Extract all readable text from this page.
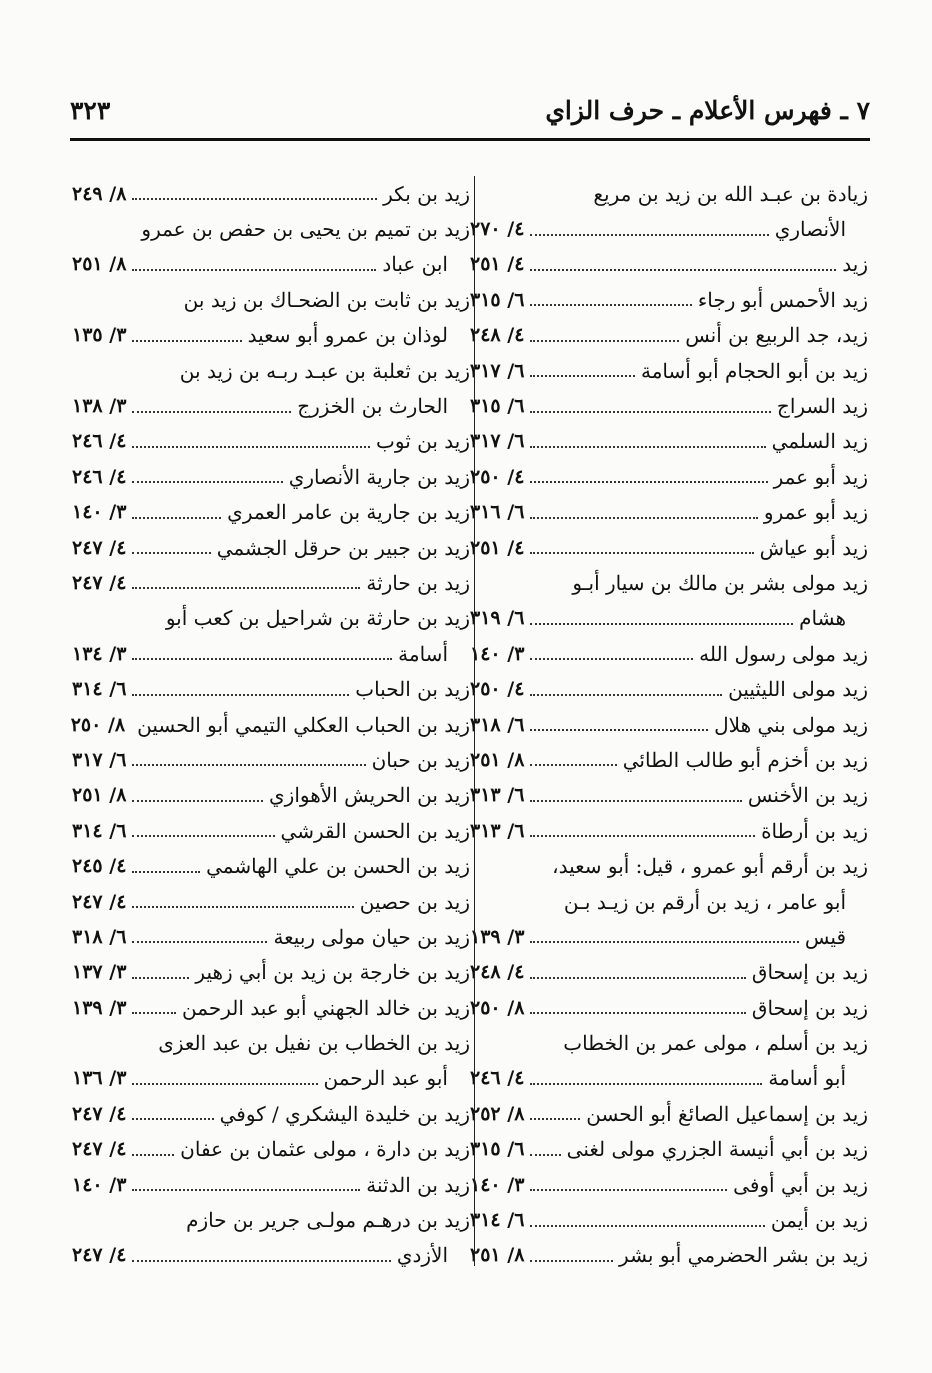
٧ ـ فهرس الأعلام ـ حرف الزاي
٣٢٣
زيادة بن عبـد الله بن زيد بن مريع
الأنصاري
٤/ ٢٧٠
زيد
٤/ ٢٥١
زيد الأحمس أبو رجاء
٦/ ٣١٥
زيد، جد الربيع بن أنس
٤/ ٢٤٨
زيد بن أبو الحجام أبو أسامة
٦/ ٣١٧
زيد السراج
٦/ ٣١٥
زيد السلمي
٦/ ٣١٧
زيد أبو عمر
٤/ ٢٥٠
زيد أبو عمرو
٦/ ٣١٦
زيد أبو عياش
٤/ ٢٥١
زيد مولى بشر بن مالك بن سيار أبـو
هشام
٦/ ٣١٩
زيد مولى رسول الله
٣/ ١٤٠
زيد مولى الليثيين
٤/ ٢٥٠
زيد مولى بني هلال
٦/ ٣١٨
زيد بن أخزم أبو طالب الطائي
٨/ ٢٥١
زيد بن الأخنس
٦/ ٣١٣
زيد بن أرطاة
٦/ ٣١٣
زيد بن أرقم أبو عمرو ، قيل: أبو سعيد،
أبو عامر ، زيد بن أرقم بن زيـد بـن
قيس
٣/ ١٣٩
زيد بن إسحاق
٤/ ٢٤٨
زيد بن إسحاق
٨/ ٢٥٠
زيد بن أسلم ، مولى عمر بن الخطاب
أبو أسامة
٤/ ٢٤٦
زيد بن إسماعيل الصائغ أبو الحسن
٨/ ٢٥٢
زيد بن أبي أنيسة الجزري مولى لغنى
٦/ ٣١٥
زيد بن أبي أوفى
٣/ ١٤٠
زيد بن أيمن
٦/ ٣١٤
زيد بن بشر الحضرمي أبو بشر
٨/ ٢٥١
زيد بن بكر
٨/ ٢٤٩
زيد بن تميم بن يحيى بن حفص بن عمرو
ابن عباد
٨/ ٢٥١
زيد بن ثابت بن الضحـاك بن زيد بن
لوذان بن عمرو أبو سعيد
٣/ ١٣٥
زيد بن ثعلبة بن عبـد ربـه بن زيد بن
الحارث بن الخزرج
٣/ ١٣٨
زيد بن ثوب
٤/ ٢٤٦
زيد بن جارية الأنصاري
٤/ ٢٤٦
زيد بن جارية بن عامر العمري
٣/ ١٤٠
زيد بن جبير بن حرقل الجشمي
٤/ ٢٤٧
زيد بن حارثة
٤/ ٢٤٧
زيد بن حارثة بن شراحيل بن كعب أبو
أسامة
٣/ ١٣٤
زيد بن الحباب
٦/ ٣١٤
زيد بن الحباب العكلي التيمي أبو الحسين
٨/ ٢٥٠
زيد بن حبان
٦/ ٣١٧
زيد بن الحريش الأهوازي
٨/ ٢٥١
زيد بن الحسن القرشي
٦/ ٣١٤
زيد بن الحسن بن علي الهاشمي
٤/ ٢٤٥
زيد بن حصين
٤/ ٢٤٧
زيد بن حيان مولى ربيعة
٦/ ٣١٨
زيد بن خارجة بن زيد بن أبي زهير
٣/ ١٣٧
زيد بن خالد الجهني أبو عبد الرحمن
٣/ ١٣٩
زيد بن الخطاب بن نفيل بن عبد العزى
أبو عبد الرحمن
٣/ ١٣٦
زيد بن خليدة اليشكري / كوفي
٤/ ٢٤٧
زيد بن دارة ، مولى عثمان بن عفان
٤/ ٢٤٧
زيد بن الدثنة
٣/ ١٤٠
زيد بن درهـم مولـى جرير بن حازم
الأزدي
٤/ ٢٤٧
